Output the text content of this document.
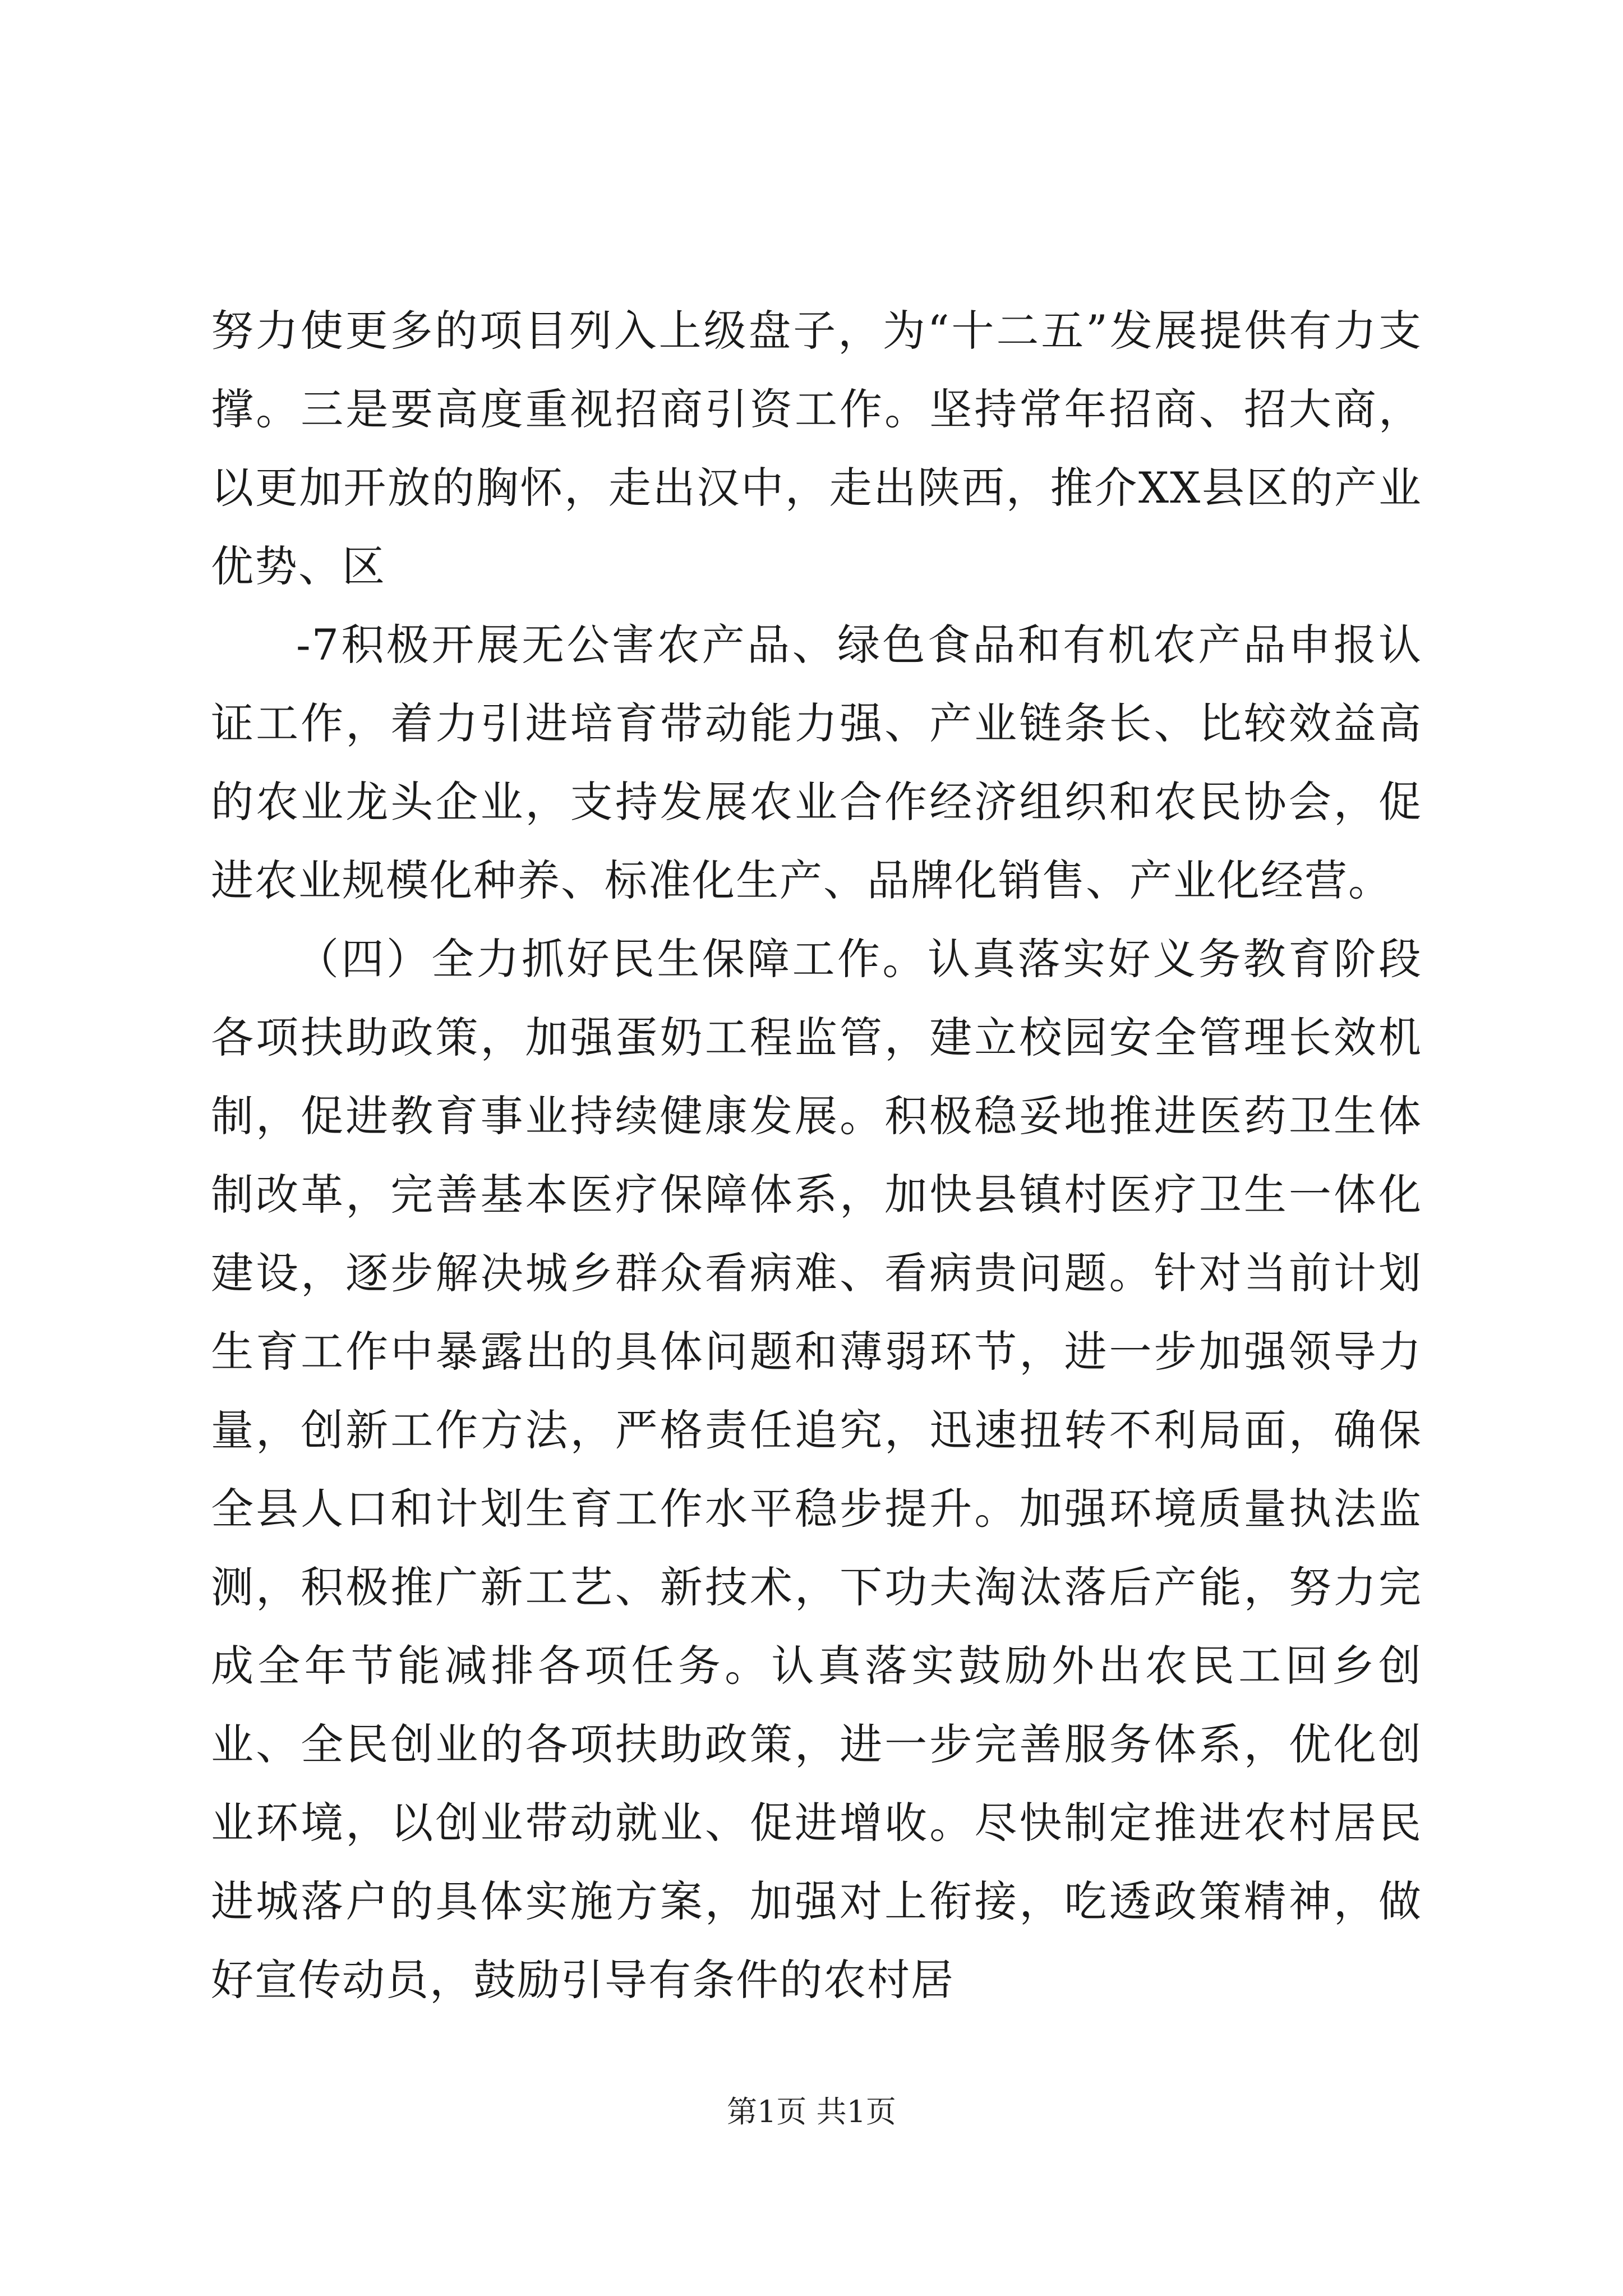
努力使更多的项目列入上级盘子，为“十二五”发展提供有力支撑。三是要高度重视招商引资工作。坚持常年招商、招大商，以更加开放的胸怀，走出汉中，走出陕西，推介XX县区的产业优势、区

-7积极开展无公害农产品、绿色食品和有机农产品申报认证工作，着力引进培育带动能力强、产业链条长、比较效益高的农业龙头企业，支持发展农业合作经济组织和农民协会，促进农业规模化种养、标准化生产、品牌化销售、产业化经营。

（四）全力抓好民生保障工作。认真落实好义务教育阶段各项扶助政策，加强蛋奶工程监管，建立校园安全管理长效机制，促进教育事业持续健康发展。积极稳妥地推进医药卫生体制改革，完善基本医疗保障体系，加快县镇村医疗卫生一体化建设，逐步解决城乡群众看病难、看病贵问题。针对当前计划生育工作中暴露出的具体问题和薄弱环节，进一步加强领导力量，创新工作方法，严格责任追究，迅速扭转不利局面，确保全县人口和计划生育工作水平稳步提升。加强环境质量执法监测，积极推广新工艺、新技术，下功夫淘汰落后产能，努力完成全年节能减排各项任务。认真落实鼓励外出农民工回乡创业、全民创业的各项扶助政策，进一步完善服务体系，优化创业环境，以创业带动就业、促进增收。尽快制定推进农村居民进城落户的具体实施方案，加强对上衔接，吃透政策精神，做好宣传动员，鼓励引导有条件的农村居

第1页 共1页
